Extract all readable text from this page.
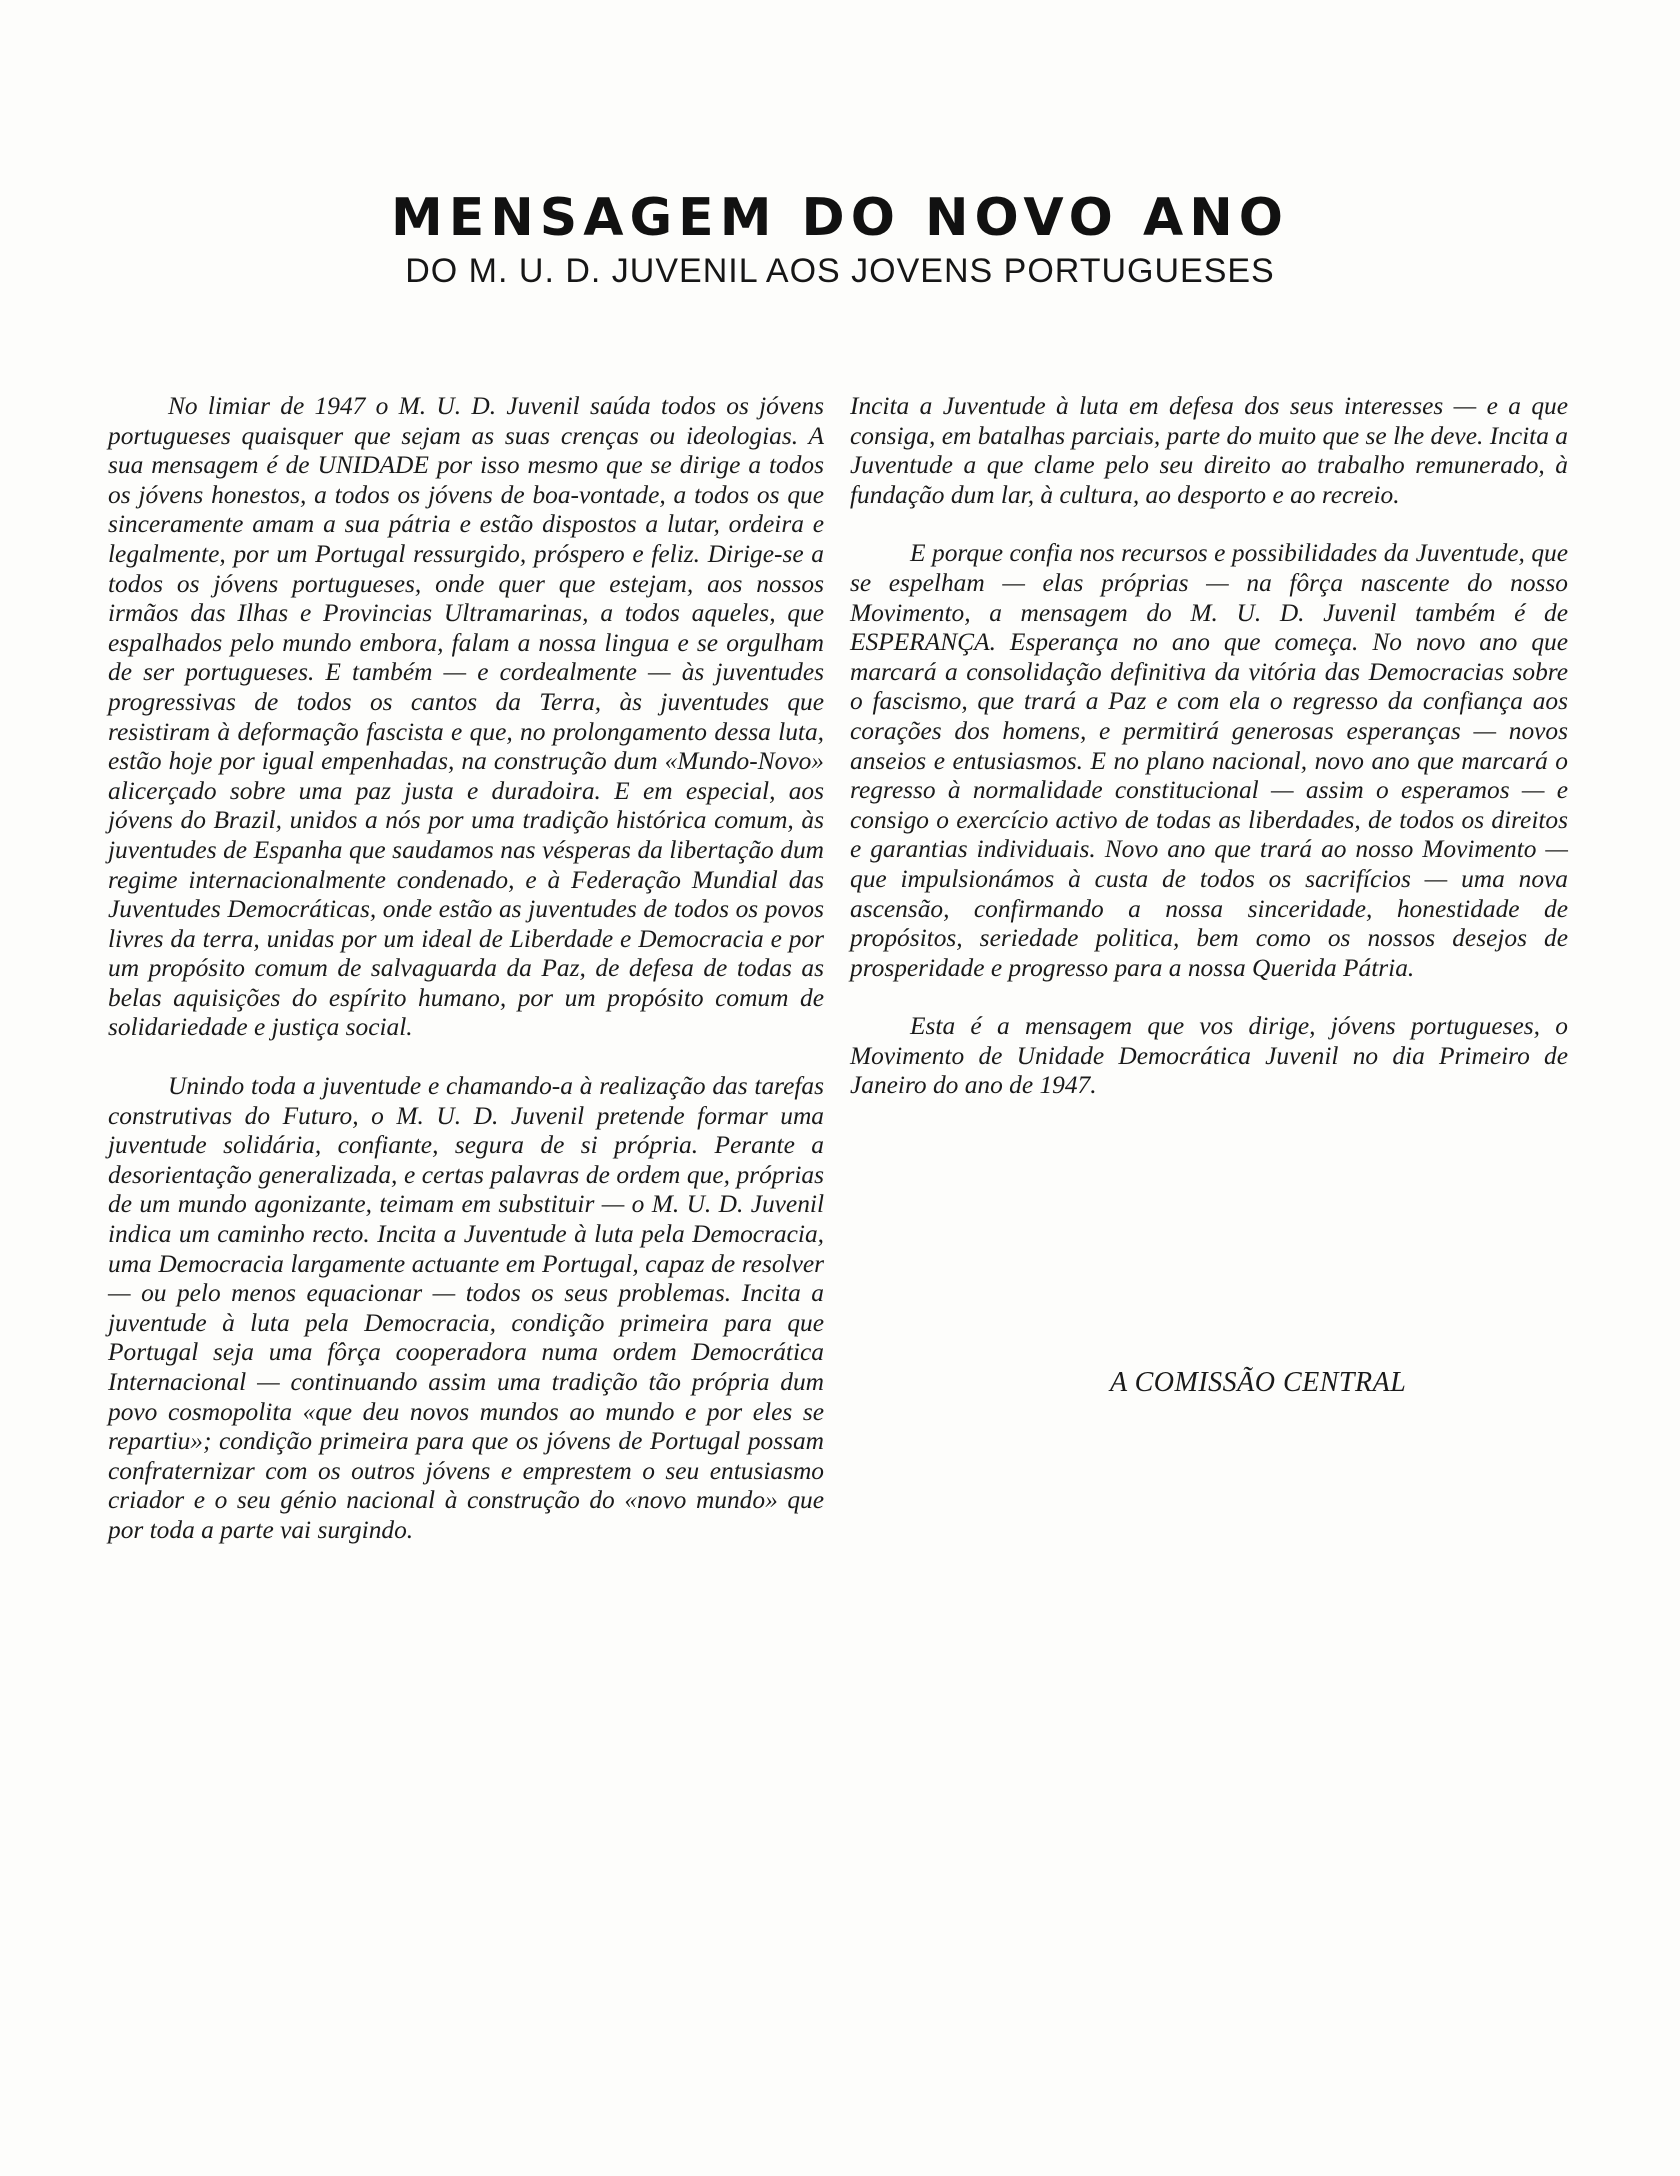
MENSAGEM DO NOVO ANO
DO M. U. D. JUVENIL AOS JOVENS PORTUGUESES

No limiar de 1947 o M. U. D. Juvenil saúda todos os jóvens portugueses quaisquer que sejam as suas crenças ou ideologias. A sua mensagem é de UNIDADE por isso mesmo que se dirige a todos os jóvens honestos, a todos os jóvens de boa-vontade, a todos os que sinceramente amam a sua pátria e estão dispostos a lutar, ordeira e legalmente, por um Portugal ressurgido, próspero e feliz. Dirige-se a todos os jóvens portugueses, onde quer que estejam, aos nossos irmãos das Ilhas e Provincias Ultramarinas, a todos aqueles, que espalhados pelo mundo embora, falam a nossa lingua e se orgulham de ser portugueses. E também — e cordealmente — às juventudes progressivas de todos os cantos da Terra, às juventudes que resistiram à deformação fascista e que, no prolongamento dessa luta, estão hoje por igual empenhadas, na construção dum «Mundo-Novo» alicerçado sobre uma paz justa e duradoira. E em especial, aos jóvens do Brazil, unidos a nós por uma tradição histórica comum, às juventudes de Espanha que saudamos nas vésperas da libertação dum regime internacionalmente condenado, e à Federação Mundial das Juventudes Democráticas, onde estão as juventudes de todos os povos livres da terra, unidas por um ideal de Liberdade e Democracia e por um propósito comum de salvaguarda da Paz, de defesa de todas as belas aquisições do espírito humano, por um propósito comum de solidariedade e justiça social.

Unindo toda a juventude e chamando-a à realização das tarefas construtivas do Futuro, o M. U. D. Juvenil pretende formar uma juventude solidária, confiante, segura de si própria. Perante a desorientação generalizada, e certas palavras de ordem que, próprias de um mundo agonizante, teimam em substituir — o M. U. D. Juvenil indica um caminho recto. Incita a Juventude à luta pela Democracia, uma Democracia largamente actuante em Portugal, capaz de resolver — ou pelo menos equacionar — todos os seus problemas. Incita a juventude à luta pela Democracia, condição primeira para que Portugal seja uma fôrça cooperadora numa ordem Democrática Internacional — continuando assim uma tradição tão própria dum povo cosmopolita «que deu novos mundos ao mundo e por eles se repartiu»; condição primeira para que os jóvens de Portugal possam confraternizar com os outros jóvens e emprestem o seu entusiasmo criador e o seu génio nacional à construção do «novo mundo» que por toda a parte vai surgindo.

Incita a Juventude à luta em defesa dos seus interesses — e a que consiga, em batalhas parciais, parte do muito que se lhe deve. Incita a Juventude a que clame pelo seu direito ao trabalho remunerado, à fundação dum lar, à cultura, ao desporto e ao recreio.

E porque confia nos recursos e possibilidades da Juventude, que se espelham — elas próprias — na fôrça nascente do nosso Movimento, a mensagem do M. U. D. Juvenil também é de ESPERANÇA. Esperança no ano que começa. No novo ano que marcará a consolidação definitiva da vitória das Democracias sobre o fascismo, que trará a Paz e com ela o regresso da confiança aos corações dos homens, e permitirá generosas esperanças — novos anseios e entusiasmos. E no plano nacional, novo ano que marcará o regresso à normalidade constitucional — assim o esperamos — e consigo o exercício activo de todas as liberdades, de todos os direitos e garantias individuais. Novo ano que trará ao nosso Movimento — que impulsionámos à custa de todos os sacrifícios — uma nova ascensão, confirmando a nossa sinceridade, honestidade de propósitos, seriedade politica, bem como os nossos desejos de prosperidade e progresso para a nossa Querida Pátria.

Esta é a mensagem que vos dirige, jóvens portugueses, o Movimento de Unidade Democrática Juvenil no dia Primeiro de Janeiro do ano de 1947.

A COMISSÃO CENTRAL
